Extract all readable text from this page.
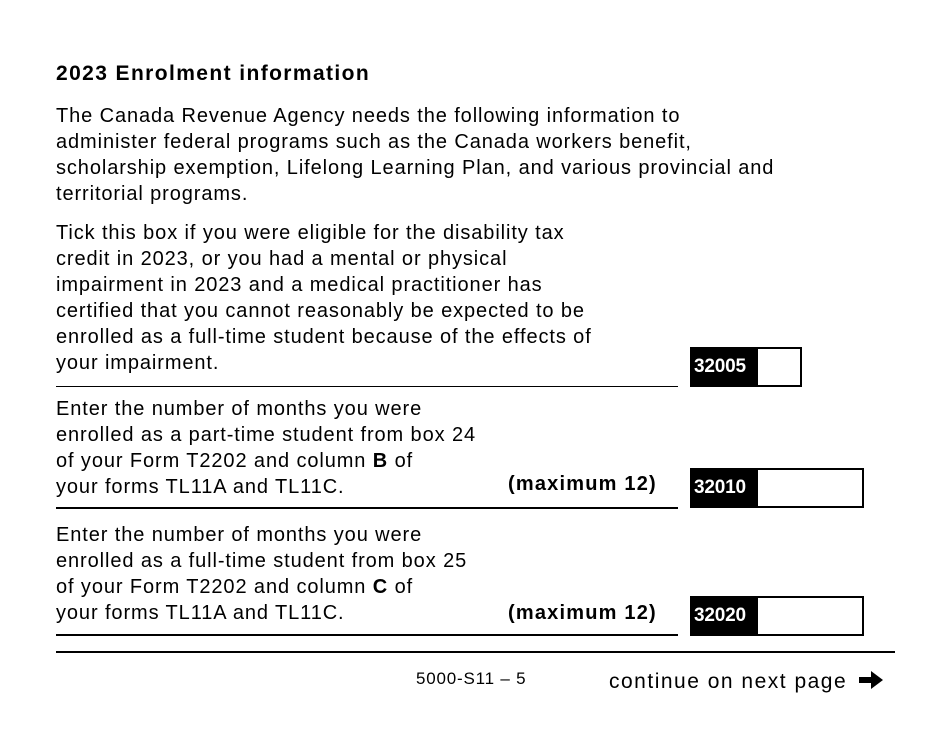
2023 Enrolment information
The Canada Revenue Agency needs the following information to
administer federal programs such as the Canada workers benefit,
scholarship exemption, Lifelong Learning Plan, and various provincial and
territorial programs.
Tick this box if you were eligible for the disability tax
credit in 2023, or you had a mental or physical
impairment in 2023 and a medical practitioner has
certified that you cannot reasonably be expected to be
enrolled as a full-time student because of the effects of
your impairment.	32005
Enter the number of months you were
enrolled as a part-time student from box 24
of your Form T2202 and column B of
your forms TL11A and TL11C.	(maximum 12) 32010
Enter the number of months you were
enrolled as a full-time student from box 25
of your Form T2202 and column C of
your forms TL11A and TL11C.	(maximum 12) 32020
5000-S11 – 5	continue on next page
